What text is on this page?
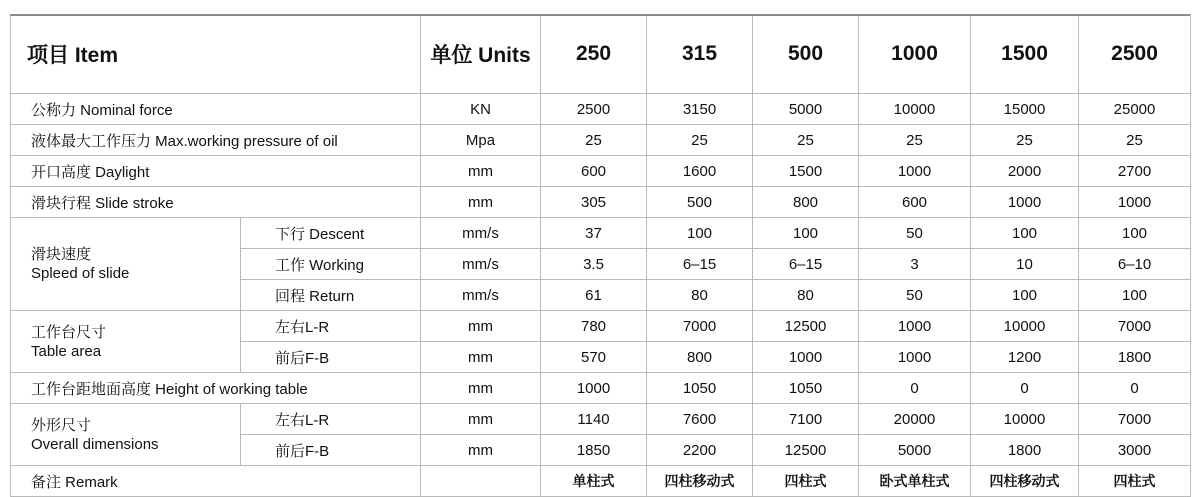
项目 Item		单位 Units	250	315	500	1000	1500	2500
公称力 Nominal force		KN	2500	3150	5000	10000	15000	25000
液体最大工作压力 Max.working pressure of oil		Mpa	25	25	25	25	25	25
开口高度 Daylight		mm	600	1600	1500	1000	2000	2700
滑块行程 Slide stroke		mm	305	500	800	600	1000	1000

滑块速度
Spleed of slide	下行 Descent	mm/s	37	100	100	50	100	100
	工作 Working	mm/s	3.5	6–15	6–15	3	10	6–10
	回程 Return	mm/s	61	80	80	50	100	100

工作台尺寸
Table area	左右L-R	mm	780	7000	12500	1000	10000	7000
	前后F-B	mm	570	800	1000	1000	1200	1800
工作台距地面高度 Height of working table		mm	1000	1050	1050	0	0	0

外形尺寸
Overall dimensions	左右L-R	mm	1140	7600	7100	20000	10000	7000
	前后F-B	mm	1850	2200	12500	5000	1800	3000
备注 Remark			单柱式	四柱移动式	四柱式	卧式单柱式	四柱移动式	四柱式
